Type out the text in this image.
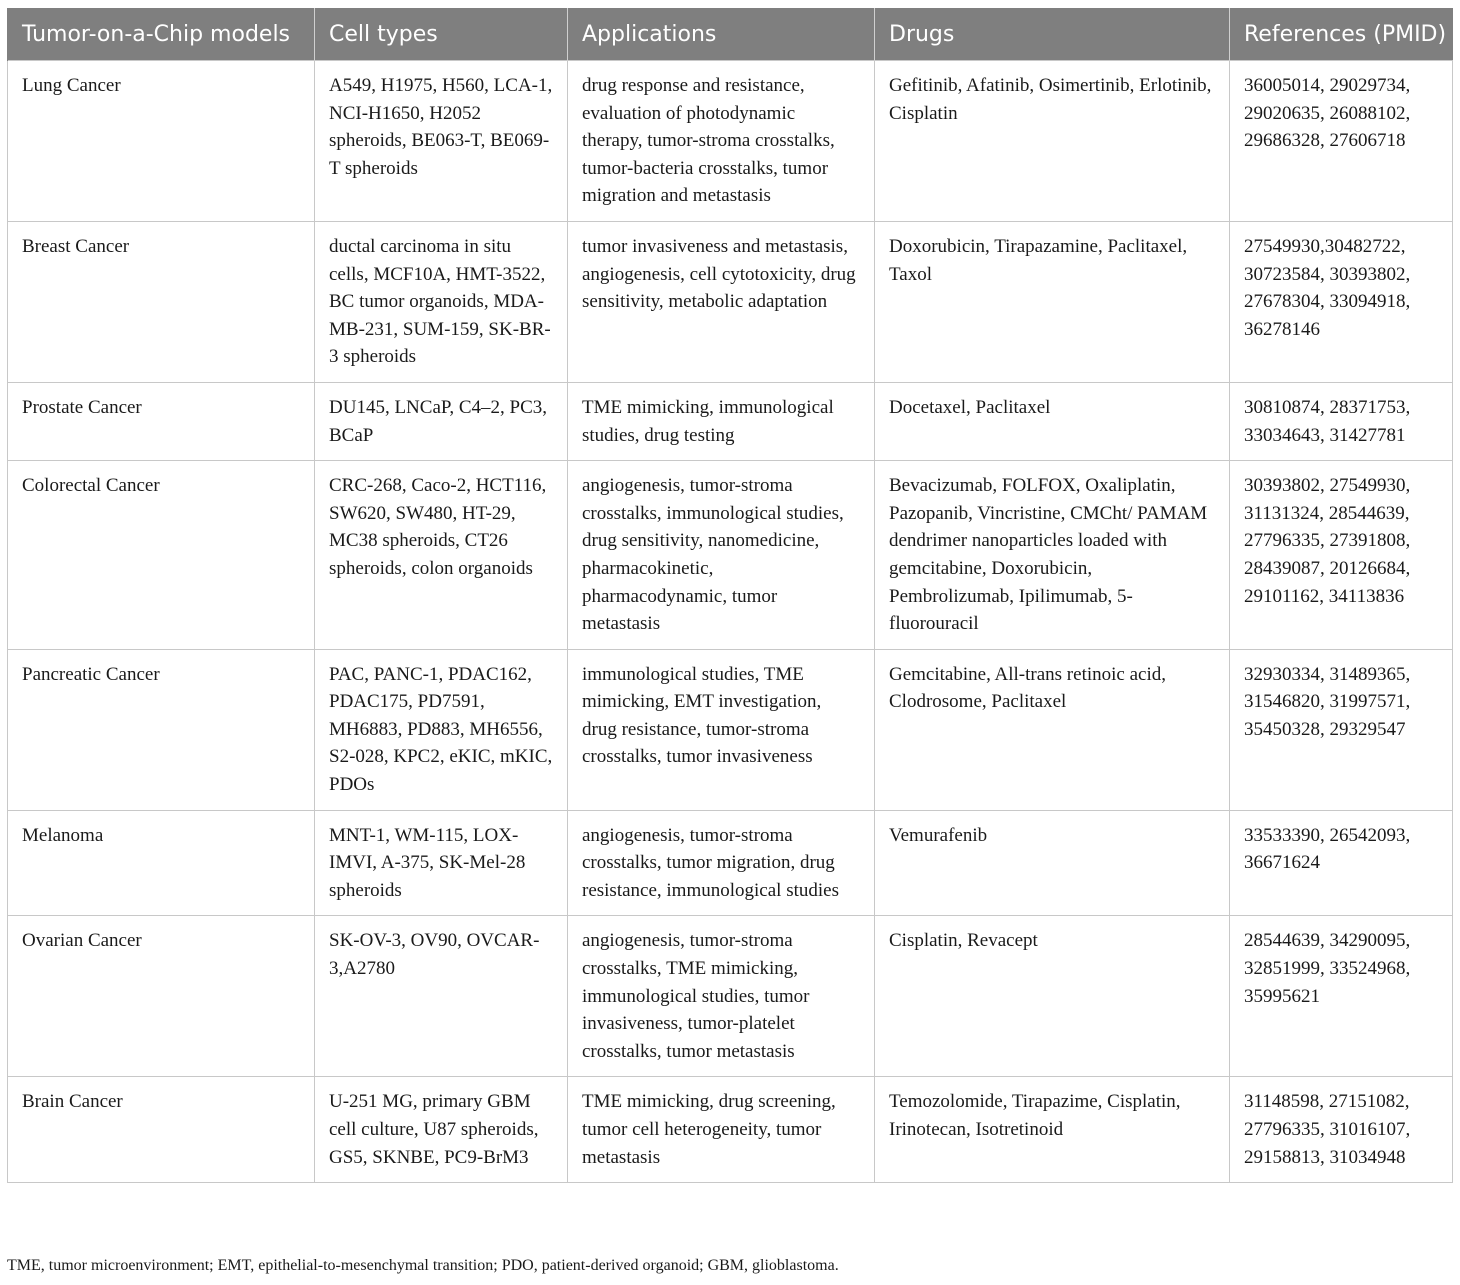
Tumor-on-a-Chip models	Cell types	Applications	Drugs	References (PMID)
Lung Cancer	A549, H1975, H560, LCA-1, NCI-H1650, H2052 spheroids, BE063-T, BE069-T spheroids	drug response and resistance, evaluation of photodynamic therapy, tumor-stroma crosstalks, tumor-bacteria crosstalks, tumor migration and metastasis	Gefitinib, Afatinib, Osimertinib, Erlotinib, Cisplatin	36005014, 29029734, 29020635, 26088102, 29686328, 27606718
Breast Cancer	ductal carcinoma in situ cells, MCF10A, HMT-3522, BC tumor organoids, MDA-MB-231, SUM-159, SK-BR-3 spheroids	tumor invasiveness and metastasis, angiogenesis, cell cytotoxicity, drug sensitivity, metabolic adaptation	Doxorubicin, Tirapazamine, Paclitaxel, Taxol	27549930,30482722, 30723584, 30393802, 27678304, 33094918, 36278146
Prostate Cancer	DU145, LNCaP, C4–2, PC3, BCaP	TME mimicking, immunological studies, drug testing	Docetaxel, Paclitaxel	30810874, 28371753, 33034643, 31427781
Colorectal Cancer	CRC-268, Caco-2, HCT116, SW620, SW480, HT-29, MC38 spheroids, CT26 spheroids, colon organoids	angiogenesis, tumor-stroma crosstalks, immunological studies, drug sensitivity, nanomedicine, pharmacokinetic, pharmacodynamic, tumor metastasis	Bevacizumab, FOLFOX, Oxaliplatin, Pazopanib, Vincristine, CMCht/ PAMAM dendrimer nanoparticles loaded with gemcitabine, Doxorubicin, Pembrolizumab, Ipilimumab, 5-fluorouracil	30393802, 27549930, 31131324, 28544639, 27796335, 27391808, 28439087, 20126684, 29101162, 34113836
Pancreatic Cancer	PAC, PANC-1, PDAC162, PDAC175, PD7591, MH6883, PD883, MH6556, S2-028, KPC2, eKIC, mKIC, PDOs	immunological studies, TME mimicking, EMT investigation, drug resistance, tumor-stroma crosstalks, tumor invasiveness	Gemcitabine, All-trans retinoic acid, Clodrosome, Paclitaxel	32930334, 31489365, 31546820, 31997571, 35450328, 29329547
Melanoma	MNT-1, WM-115, LOX-IMVI, A-375, SK-Mel-28 spheroids	angiogenesis, tumor-stroma crosstalks, tumor migration, drug resistance, immunological studies	Vemurafenib	33533390, 26542093, 36671624
Ovarian Cancer	SK-OV-3, OV90, OVCAR-3,A2780	angiogenesis, tumor-stroma crosstalks, TME mimicking, immunological studies, tumor invasiveness, tumor-platelet crosstalks, tumor metastasis	Cisplatin, Revacept	28544639, 34290095, 32851999, 33524968, 35995621
Brain Cancer	U-251 MG, primary GBM cell culture, U87 spheroids, GS5, SKNBE, PC9-BrM3	TME mimicking, drug screening, tumor cell heterogeneity, tumor metastasis	Temozolomide, Tirapazime, Cisplatin, Irinotecan, Isotretinoid	31148598, 27151082, 27796335, 31016107, 29158813, 31034948
TME, tumor microenvironment; EMT, epithelial-to-mesenchymal transition; PDO, patient-derived organoid; GBM, glioblastoma.
